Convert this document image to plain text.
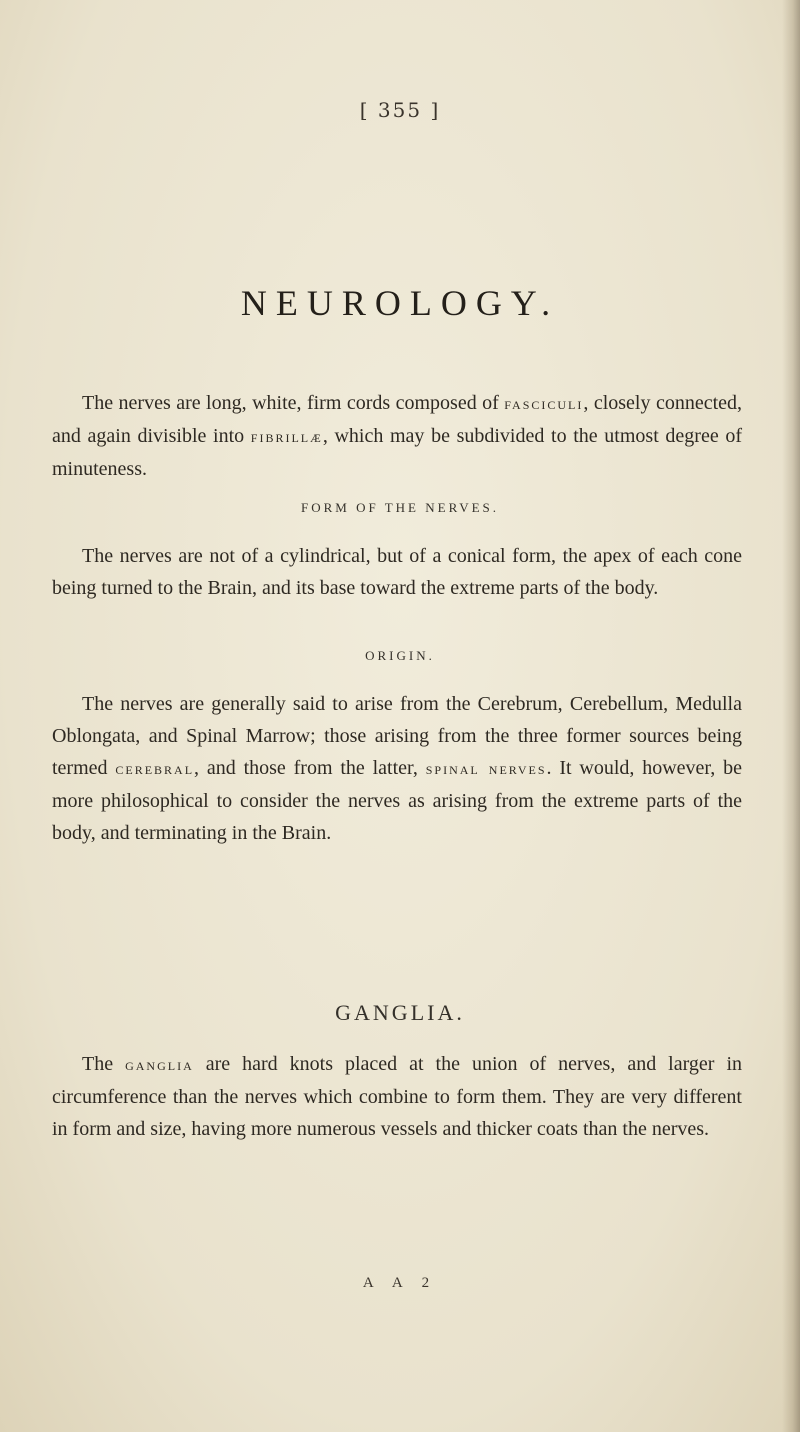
[ 355 ]
NEUROLOGY.

The nerves are long, white, firm cords composed of fasciculi, closely connected, and again divisible into fibrillæ, which may be subdivided to the utmost degree of minuteness.

FORM OF THE NERVES.

The nerves are not of a cylindrical, but of a conical form, the apex of each cone being turned to the Brain, and its base toward the extreme parts of the body.

ORIGIN.

The nerves are generally said to arise from the Cerebrum, Cerebellum, Medulla Oblongata, and Spinal Marrow; those arising from the three former sources being termed cerebral, and those from the latter, spinal nerves. It would, however, be more philosophical to consider the nerves as arising from the extreme parts of the body, and terminating in the Brain.

GANGLIA.

The ganglia are hard knots placed at the union of nerves, and larger in circumference than the nerves which combine to form them. They are very different in form and size, having more numerous vessels and thicker coats than the nerves.

A A 2
